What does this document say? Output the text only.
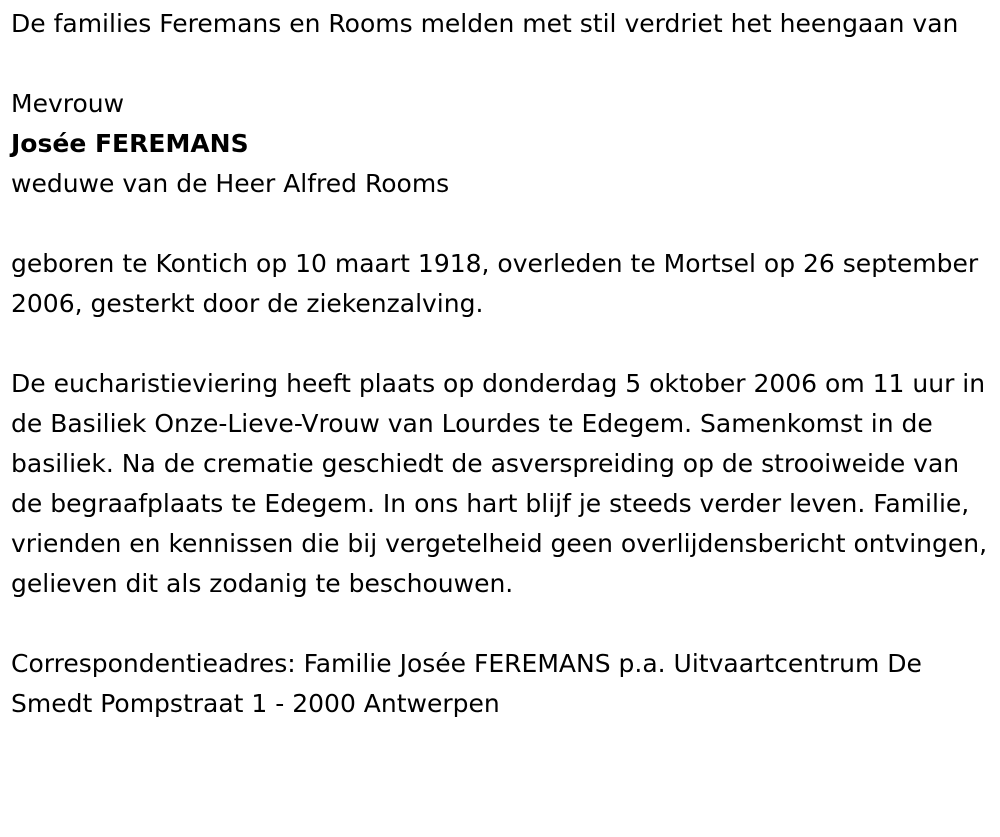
De families Feremans en Rooms melden met stil verdriet het heengaan van

Mevrouw

Josée FEREMANS

weduwe van de Heer Alfred Rooms

geboren te Kontich op 10 maart 1918, overleden te Mortsel op 26 september 2006, gesterkt door de ziekenzalving.

De eucharistieviering heeft plaats op donderdag 5 oktober 2006 om 11 uur in de Basiliek Onze-Lieve-Vrouw van Lourdes te Edegem. Samenkomst in de basiliek. Na de crematie geschiedt de asverspreiding op de strooiweide van de begraafplaats te Edegem. In ons hart blijf je steeds verder leven. Familie, vrienden en kennissen die bij vergetelheid geen overlijdensbericht ontvingen, gelieven dit als zodanig te beschouwen.

Correspondentieadres: Familie Josée FEREMANS p.a. Uitvaartcentrum De Smedt Pompstraat 1 - 2000 Antwerpen
